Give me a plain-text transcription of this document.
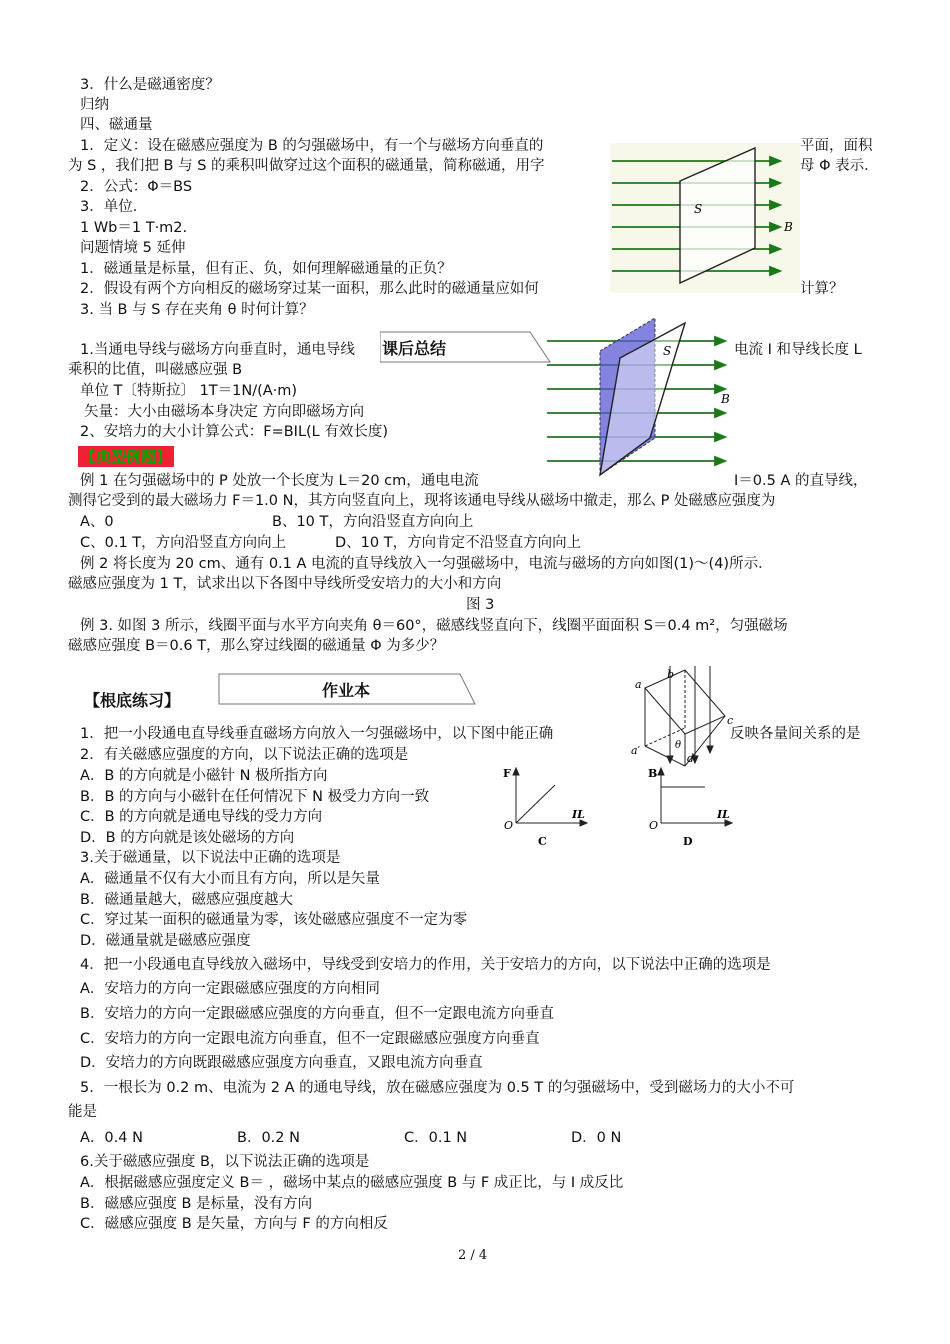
3．什么是磁通密度？
归纳
四、磁通量
1．定义：设在磁感应强度为 B 的匀强磁场中，有一个与磁场方向垂直的	平面，面积
为 S ，我们把 B 与 S 的乘积叫做穿过这个面积的磁通量，简称磁通，用字	母 Φ 表示．
2．公式：Φ＝BS
3．单位．
1 Wb＝1 T·m2.
问题情境 5 延伸
1．磁通量是标量，但有正、负，如何理解磁通量的正负？
2．假设有两个方向相反的磁场穿过某一面积，那么此时的磁通量应如何	计算？
3. 当 B 与 S 存在夹角 θ 时何计算？
1.当通电导线与磁场方向垂直时，通电导线	电流 I 和导线长度 L
乘积的比值，叫磁感应强 B
单位 T〔特斯拉〕 1T＝1N/(A·m)
矢量：大小由磁场本身决定 方向即磁场方向
2、安培力的大小计算公式：F=BIL(L 有效长度)
例 1 在匀强磁场中的 P 处放一个长度为 L＝20 cm，通电电流	I＝0.5 A 的直导线，
测得它受到的最大磁场力 F＝1.0 N，其方向竖直向上，现将该通电导线从磁场中撤走，那么 P 处磁感应强度为
A、0	B、10 T，方向沿竖直方向向上
C、0.1 T，方向沿竖直方向向上	D、10 T，方向肯定不沿竖直方向向上
例 2 将长度为 20 cm、通有 0.1 A 电流的直导线放入一匀强磁场中，电流与磁场的方向如图(1)～(4)所示．
磁感应强度为 1 T，试求出以下各图中导线所受安培力的大小和方向
图 3
例 3. 如图 3 所示，线圈平面与水平方向夹角 θ＝60°，磁感线竖直向下，线圈平面面积 S＝0.4 m²，匀强磁场
磁感应强度 B＝0.6 T，那么穿过线圈的磁通量 Φ 为多少？
1．把一小段通电直导线垂直磁场方向放入一匀强磁场中，以下图中能正确	反映各量间关系的是
2．有关磁感应强度的方向，以下说法正确的选项是
A．B 的方向就是小磁针 N 极所指方向
B．B 的方向与小磁针在任何情况下 N 极受力方向一致
C．B 的方向就是通电导线的受力方向
D．B 的方向就是该处磁场的方向
3.关于磁通量，以下说法中正确的选项是
A．磁通量不仅有大小而且有方向，所以是矢量
B．磁通量越大，磁感应强度越大
C．穿过某一面积的磁通量为零，该处磁感应强度不一定为零
D．磁通量就是磁感应强度
4．把一小段通电直导线放入磁场中，导线受到安培力的作用，关于安培力的方向，以下说法中正确的选项是
A．安培力的方向一定跟磁感应强度的方向相同
B．安培力的方向一定跟磁感应强度的方向垂直，但不一定跟电流方向垂直
C．安培力的方向一定跟电流方向垂直，但不一定跟磁感应强度方向垂直
D．安培力的方向既跟磁感应强度方向垂直，又跟电流方向垂直
5．一根长为 0.2 m、电流为 2 A 的通电导线，放在磁感应强度为 0.5 T 的匀强磁场中，受到磁场力的大小不可
能是
A．0.4 N	B．0.2 N	C．0.1 N	D．0 N
6.关于磁感应强度 B，以下说法正确的选项是
A．根据磁感应强度定义 B＝ ，磁场中某点的磁感应强度 B 与 F 成正比，与 I 成反比
B．磁感应强度 B 是标量，没有方向
C．磁感应强度 B 是矢量，方向与 F 的方向相反
课后总结
【典型例题】
【根底练习】
作业本
S
B
S cos θ
S
B
a
b
c
d
a′	θ
F
IL
O
C
B
IL
O
D
2 / 4
